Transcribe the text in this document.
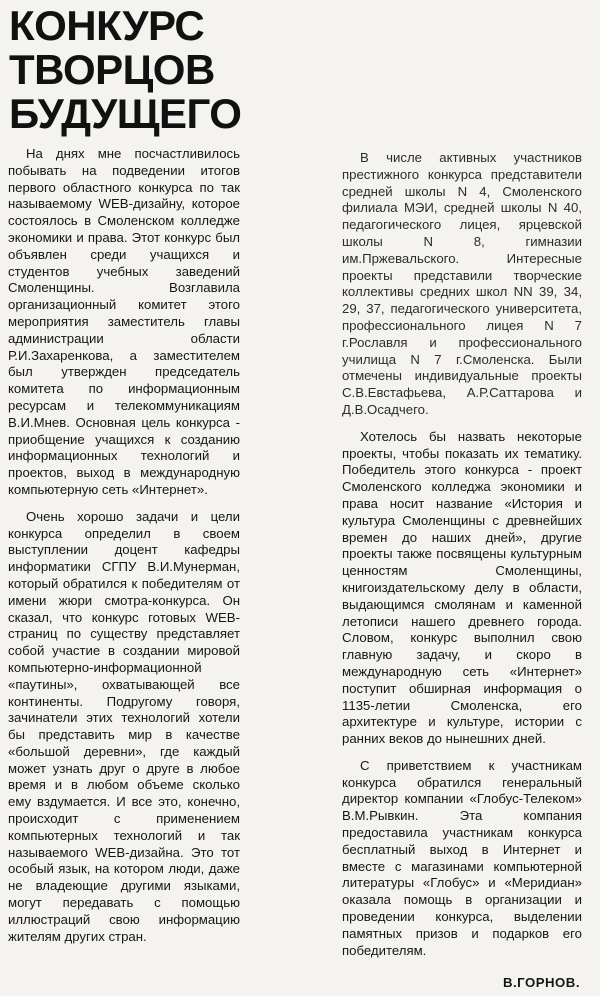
КОНКУРС
ТВОРЦОВ
БУДУЩЕГО

На днях мне посчастливилось побывать на подведении итогов первого областного конкурса по так называемому WEB-дизайну, которое состоялось в Смоленском колледже экономики и права. Этот конкурс был объявлен среди учащихся и студентов учебных заведений Смоленщины. Возглавила организационный комитет этого мероприятия заместитель главы администрации области Р.И.Захаренкова, а заместителем был утвержден председатель комитета по информационным ресурсам и телекоммуникациям В.И.Мнев. Основная цель конкурса - приобщение учащихся к созданию информационных технологий и проектов, выход в международную компьютерную сеть «Интернет».

Очень хорошо задачи и цели конкурса определил в своем выступлении доцент кафедры информатики СГПУ В.И.Мунерман, который обратился к победителям от имени жюри смотра-конкурса. Он сказал, что конкурс готовых WEB-страниц по существу представляет собой участие в создании мировой компьютерно-информационной «паутины», охватывающей все континенты. Подругому говоря, зачинатели этих технологий хотели бы представить мир в качестве «большой деревни», где каждый может узнать друг о друге в любое время и в любом объеме сколько ему вздумается. И все это, конечно, происходит с применением компьютерных технологий и так называемого WEB-дизайна. Это тот особый язык, на котором люди, даже не владеющие другими языками, могут передавать с помощью иллюстраций свою информацию жителям других стран.

В числе активных участников престижного конкурса представители средней школы N 4, Смоленского филиала МЭИ, средней школы N 40, педагогического лицея, ярцевской школы N 8, гимназии им.Пржевальского. Интересные проекты представили творческие коллективы средних школ NN 39, 34, 29, 37, педагогического университета, профессионального лицея N 7 г.Рославля и профессионального училища N 7 г.Смоленска. Были отмечены индивидуальные проекты С.В.Евстафьева, А.Р.Саттарова и Д.В.Осадчего.

Хотелось бы назвать некоторые проекты, чтобы показать их тематику. Победитель этого конкурса - проект Смоленского колледжа экономики и права носит название «История и культура Смоленщины с древнейших времен до наших дней», другие проекты также посвящены культурным ценностям Смоленщины, книгоиздательскому делу в области, выдающимся смолянам и каменной летописи нашего древнего города. Словом, конкурс выполнил свою главную задачу, и скоро в международную сеть «Интернет» поступит обширная информация о 1135-летии Смоленска, его архитектуре и культуре, истории с ранних веков до нынешних дней.

С приветствием к участникам конкурса обратился генеральный директор компании «Глобус-Телеком» В.М.Рывкин. Эта компания предоставила участникам конкурса бесплатный выход в Интернет и вместе с магазинами компьютерной литературы «Глобус» и «Меридиан» оказала помощь в организации и проведении конкурса, выделении памятных призов и подарков его победителям.

В.ГОРНОВ.
